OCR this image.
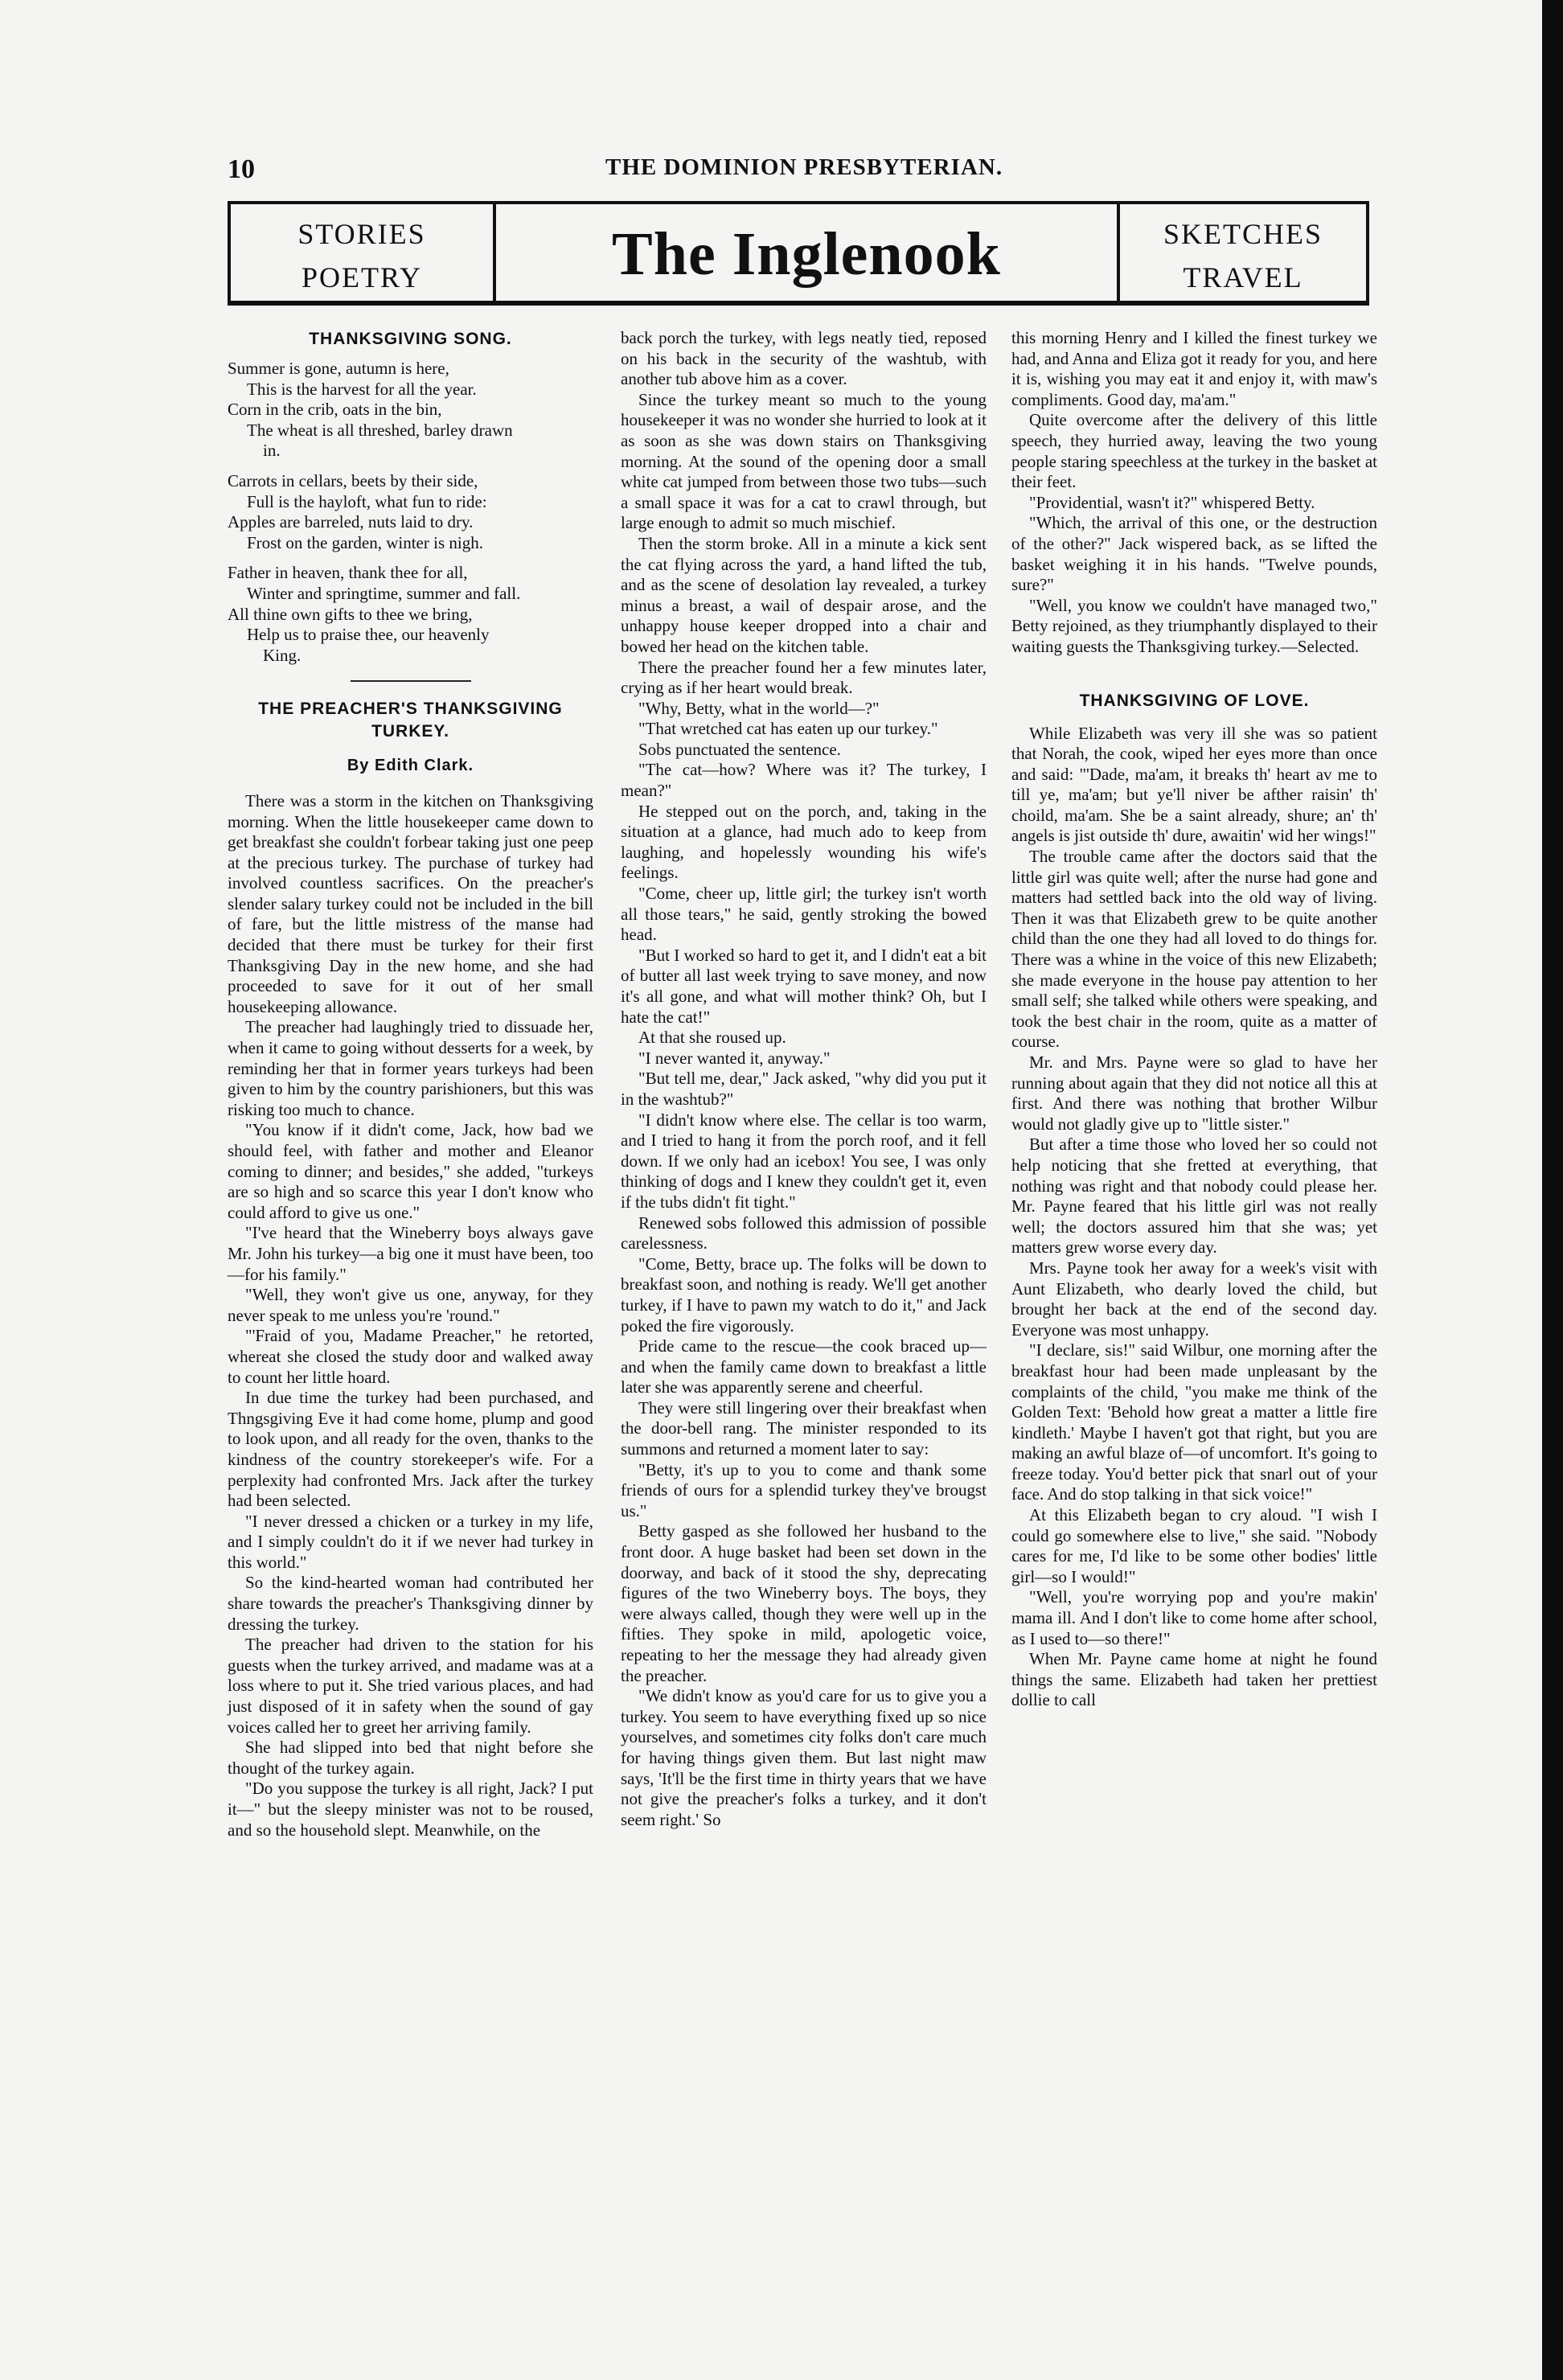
10	THE DOMINION PRESBYTERIAN.
STORIES
POETRY	The Inglenook	SKETCHES
TRAVEL
THANKSGIVING SONG.
Summer is gone, autumn is here,
This is the harvest for all the year.
Corn in the crib, oats in the bin,
The wheat is all threshed, barley drawn
in.
Carrots in cellars, beets by their side,
Full is the hayloft, what fun to ride:
Apples are barreled, nuts laid to dry.
Frost on the garden, winter is nigh.
Father in heaven, thank thee for all,
Winter and springtime, summer and fall.
All thine own gifts to thee we bring,
Help us to praise thee, our heavenly
King.
THE PREACHER'S THANKSGIVING TURKEY.
By Edith Clark.

There was a storm in the kitchen on Thanksgiving morning. When the little housekeeper came down to get breakfast she couldn't forbear taking just one peep at the precious turkey. The purchase of turkey had involved countless sacrifices. On the preacher's slender salary turkey could not be included in the bill of fare, but the little mistress of the manse had decided that there must be turkey for their first Thanksgiving Day in the new home, and she had proceeded to save for it out of her small housekeeping allowance.

The preacher had laughingly tried to dissuade her, when it came to going without desserts for a week, by reminding her that in former years turkeys had been given to him by the country parishioners, but this was risking too much to chance.

"You know if it didn't come, Jack, how bad we should feel, with father and mother and Eleanor coming to dinner; and besides," she added, "turkeys are so high and so scarce this year I don't know who could afford to give us one."

"I've heard that the Wineberry boys always gave Mr. John his turkey—a big one it must have been, too—for his family."

"Well, they won't give us one, anyway, for they never speak to me unless you're 'round."

"'Fraid of you, Madame Preacher," he retorted, whereat she closed the study door and walked away to count her little hoard.

In due time the turkey had been purchased, and Thngsgiving Eve it had come home, plump and good to look upon, and all ready for the oven, thanks to the kindness of the country storekeeper's wife. For a perplexity had confronted Mrs. Jack after the turkey had been selected.

"I never dressed a chicken or a turkey in my life, and I simply couldn't do it if we never had turkey in this world."

So the kind-hearted woman had contributed her share towards the preacher's Thanksgiving dinner by dressing the turkey.

The preacher had driven to the station for his guests when the turkey arrived, and madame was at a loss where to put it. She tried various places, and had just disposed of it in safety when the sound of gay voices called her to greet her arriving family.

She had slipped into bed that night before she thought of the turkey again.

"Do you suppose the turkey is all right, Jack? I put it—" but the sleepy minister was not to be roused, and so the household slept. Meanwhile, on the

back porch the turkey, with legs neatly tied, reposed on his back in the security of the washtub, with another tub above him as a cover.

Since the turkey meant so much to the young housekeeper it was no wonder she hurried to look at it as soon as she was down stairs on Thanksgiving morning. At the sound of the opening door a small white cat jumped from between those two tubs—such a small space it was for a cat to crawl through, but large enough to admit so much mischief.

Then the storm broke. All in a minute a kick sent the cat flying across the yard, a hand lifted the tub, and as the scene of desolation lay revealed, a turkey minus a breast, a wail of despair arose, and the unhappy house keeper dropped into a chair and bowed her head on the kitchen table.

There the preacher found her a few minutes later, crying as if her heart would break.

"Why, Betty, what in the world—?"

"That wretched cat has eaten up our turkey."

Sobs punctuated the sentence.

"The cat—how? Where was it? The turkey, I mean?"

He stepped out on the porch, and, taking in the situation at a glance, had much ado to keep from laughing, and hopelessly wounding his wife's feelings.

"Come, cheer up, little girl; the turkey isn't worth all those tears," he said, gently stroking the bowed head.

"But I worked so hard to get it, and I didn't eat a bit of butter all last week trying to save money, and now it's all gone, and what will mother think? Oh, but I hate the cat!"

At that she roused up.

"I never wanted it, anyway."

"But tell me, dear," Jack asked, "why did you put it in the washtub?"

"I didn't know where else. The cellar is too warm, and I tried to hang it from the porch roof, and it fell down. If we only had an icebox! You see, I was only thinking of dogs and I knew they couldn't get it, even if the tubs didn't fit tight."

Renewed sobs followed this admission of possible carelessness.

"Come, Betty, brace up. The folks will be down to breakfast soon, and nothing is ready. We'll get another turkey, if I have to pawn my watch to do it," and Jack poked the fire vigorously.

Pride came to the rescue—the cook braced up—and when the family came down to breakfast a little later she was apparently serene and cheerful.

They were still lingering over their breakfast when the door-bell rang. The minister responded to its summons and returned a moment later to say:

"Betty, it's up to you to come and thank some friends of ours for a splendid turkey they've brougst us."

Betty gasped as she followed her husband to the front door. A huge basket had been set down in the doorway, and back of it stood the shy, deprecating figures of the two Wineberry boys. The boys, they were always called, though they were well up in the fifties. They spoke in mild, apologetic voice, repeating to her the message they had already given the preacher.

"We didn't know as you'd care for us to give you a turkey. You seem to have everything fixed up so nice yourselves, and sometimes city folks don't care much for having things given them. But last night maw says, 'It'll be the first time in thirty years that we have not give the preacher's folks a turkey, and it don't seem right.' So

this morning Henry and I killed the finest turkey we had, and Anna and Eliza got it ready for you, and here it is, wishing you may eat it and enjoy it, with maw's compliments. Good day, ma'am."

Quite overcome after the delivery of this little speech, they hurried away, leaving the two young people staring speechless at the turkey in the basket at their feet.

"Providential, wasn't it?" whispered Betty.

"Which, the arrival of this one, or the destruction of the other?" Jack wispered back, as se lifted the basket weighing it in his hands. "Twelve pounds, sure?"

"Well, you know we couldn't have managed two," Betty rejoined, as they triumphantly displayed to their waiting guests the Thanksgiving turkey.—Selected.

THANKSGIVING OF LOVE.

While Elizabeth was very ill she was so patient that Norah, the cook, wiped her eyes more than once and said: "'Dade, ma'am, it breaks th' heart av me to till ye, ma'am; but ye'll niver be afther raisin' th' choild, ma'am. She be a saint already, shure; an' th' angels is jist outside th' dure, awaitin' wid her wings!"

The trouble came after the doctors said that the little girl was quite well; after the nurse had gone and matters had settled back into the old way of living. Then it was that Elizabeth grew to be quite another child than the one they had all loved to do things for. There was a whine in the voice of this new Elizabeth; she made everyone in the house pay attention to her small self; she talked while others were speaking, and took the best chair in the room, quite as a matter of course.

Mr. and Mrs. Payne were so glad to have her running about again that they did not notice all this at first. And there was nothing that brother Wilbur would not gladly give up to "little sister."

But after a time those who loved her so could not help noticing that she fretted at everything, that nothing was right and that nobody could please her. Mr. Payne feared that his little girl was not really well; the doctors assured him that she was; yet matters grew worse every day.

Mrs. Payne took her away for a week's visit with Aunt Elizabeth, who dearly loved the child, but brought her back at the end of the second day. Everyone was most unhappy.

"I declare, sis!" said Wilbur, one morning after the breakfast hour had been made unpleasant by the complaints of the child, "you make me think of the Golden Text: 'Behold how great a matter a little fire kindleth.' Maybe I haven't got that right, but you are making an awful blaze of—of uncomfort. It's going to freeze today. You'd better pick that snarl out of your face. And do stop talking in that sick voice!"

At this Elizabeth began to cry aloud. "I wish I could go somewhere else to live," she said. "Nobody cares for me, I'd like to be some other bodies' little girl—so I would!"

"Well, you're worrying pop and you're makin' mama ill. And I don't like to come home after school, as I used to—so there!"

When Mr. Payne came home at night he found things the same. Elizabeth had taken her prettiest dollie to call
